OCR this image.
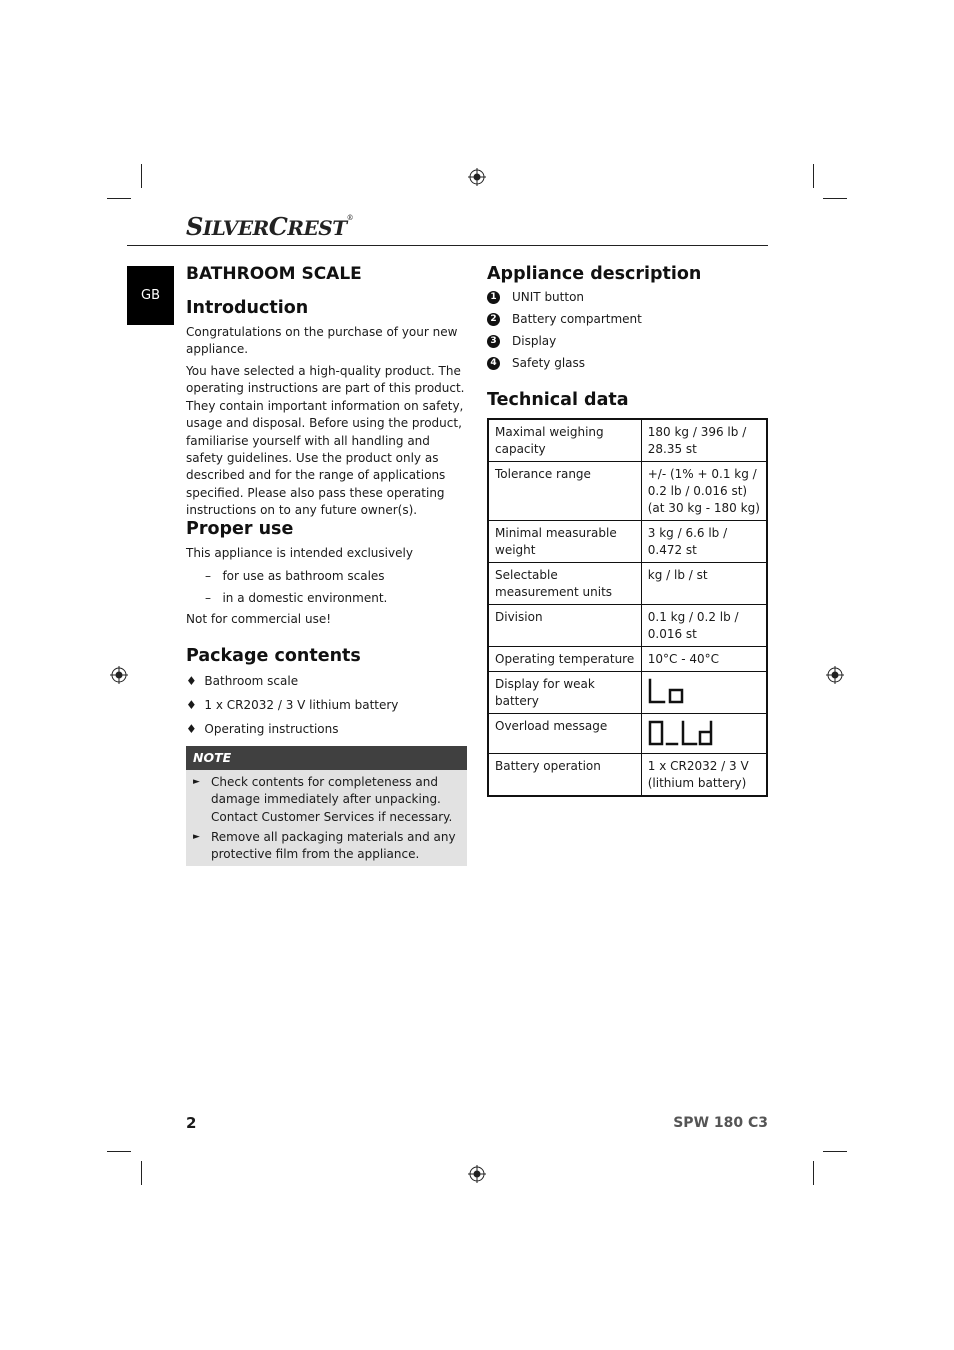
SILVERCREST®
GB
BATHROOM SCALE
Introduction

Congratulations on the purchase of your new appliance.

You have selected a high-quality product. The operating instructions are part of this product. They contain important information on safety, usage and disposal. Before using the product, familiarise yourself with all handling and safety guidelines. Use the product only as described and for the range of applications specified. Please also pass these operating instructions on to any future owner(s).

Proper use

This appliance is intended exclusively

–   for use as bathroom scales
–   in a domestic environment.

Not for commercial use!

Package contents
♦ Bathroom scale
♦ 1 x CR2032 / 3 V lithium battery
♦ Operating instructions
NOTE
► Check contents for completeness and damage immediately after unpacking. Contact Customer Services if necessary.
► Remove all packaging materials and any protective film from the appliance.
Appliance description
1 UNIT button
2 Battery compartment
3 Display
4 Safety glass
Technical data
Maximal weighing capacity	180 kg / 396 lb / 28.35 st
Tolerance range	+/- (1% + 0.1 kg / 0.2 lb / 0.016 st) (at 30 kg - 180 kg)
Minimal measurable weight	3 kg / 6.6 lb / 0.472 st
Selectable measurement units	kg / lb / st
Division	0.1 kg / 0.2 lb / 0.016 st
Operating temperature	10°C - 40°C
Display for weak battery	

Overload message	

Battery operation	1 x CR2032 / 3 V (lithium battery)
2	SPW 180 C3
